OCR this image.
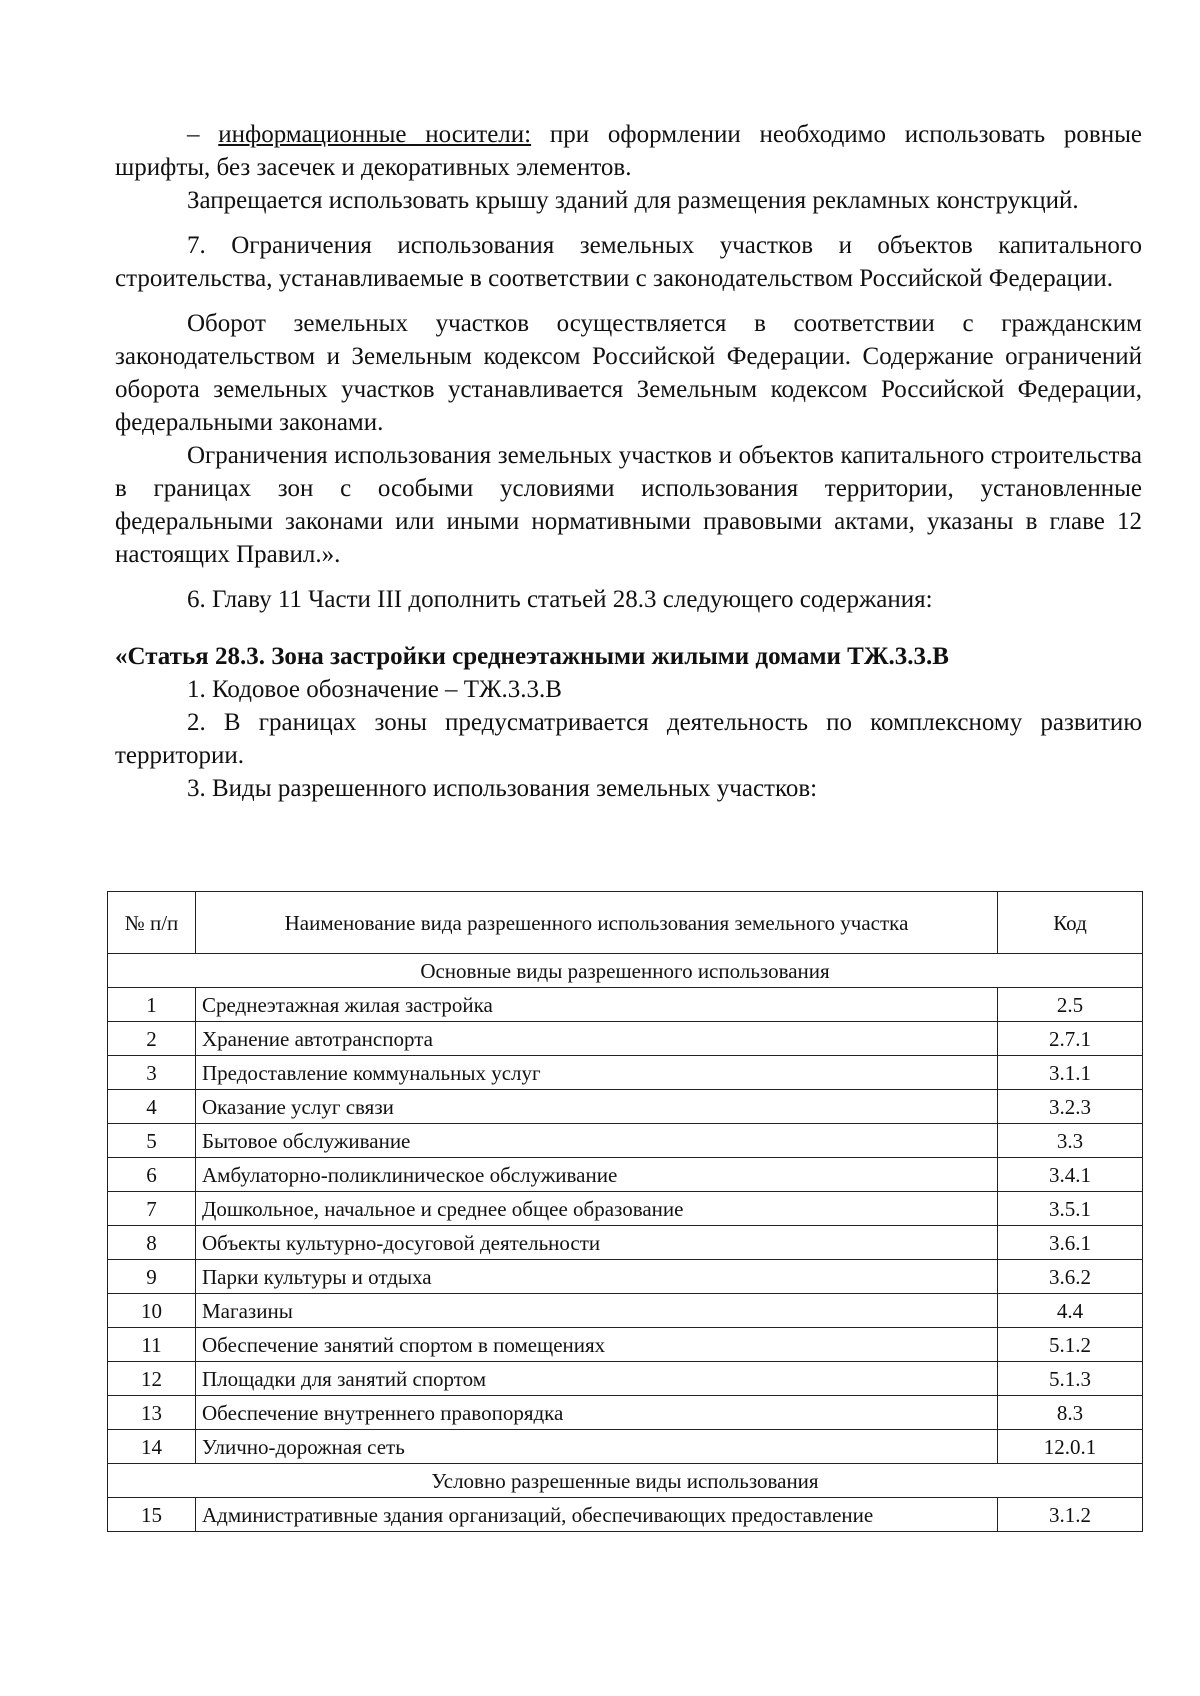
– информационные носители: при оформлении необходимо использовать ровные шрифты, без засечек и декоративных элементов.

Запрещается использовать крышу зданий для размещения рекламных конструкций.

7. Ограничения использования земельных участков и объектов капитального строительства, устанавливаемые в соответствии с законодательством Российской Федерации.

Оборот земельных участков осуществляется в соответствии с гражданским законодательством и Земельным кодексом Российской Федерации. Содержание ограничений оборота земельных участков устанавливается Земельным кодексом Российской Федерации, федеральными законами.

Ограничения использования земельных участков и объектов капитального строительства в границах зон с особыми условиями использования территории, установленные федеральными законами или иными нормативными правовыми актами, указаны в главе 12 настоящих Правил.».

6. Главу 11 Части III дополнить статьей 28.3 следующего содержания:

«Статья 28.3. Зона застройки среднеэтажными жилыми домами ТЖ.3.3.В

1. Кодовое обозначение – ТЖ.3.3.В

2. В границах зоны предусматривается деятельность по комплексному развитию территории.

3. Виды разрешенного использования земельных участков:

№ п/п	Наименование вида разрешенного использования земельного участка	Код
Основные виды разрешенного использования		
1	Среднеэтажная жилая застройка	2.5
2	Хранение автотранспорта	2.7.1
3	Предоставление коммунальных услуг	3.1.1
4	Оказание услуг связи	3.2.3
5	Бытовое обслуживание	3.3
6	Амбулаторно-поликлиническое обслуживание	3.4.1
7	Дошкольное, начальное и среднее общее образование	3.5.1
8	Объекты культурно-досуговой деятельности	3.6.1
9	Парки культуры и отдыха	3.6.2
10	Магазины	4.4
11	Обеспечение занятий спортом в помещениях	5.1.2
12	Площадки для занятий спортом	5.1.3
13	Обеспечение внутреннего правопорядка	8.3
14	Улично-дорожная сеть	12.0.1
Условно разрешенные виды использования		
15	Административные здания организаций, обеспечивающих предоставление	3.1.2
